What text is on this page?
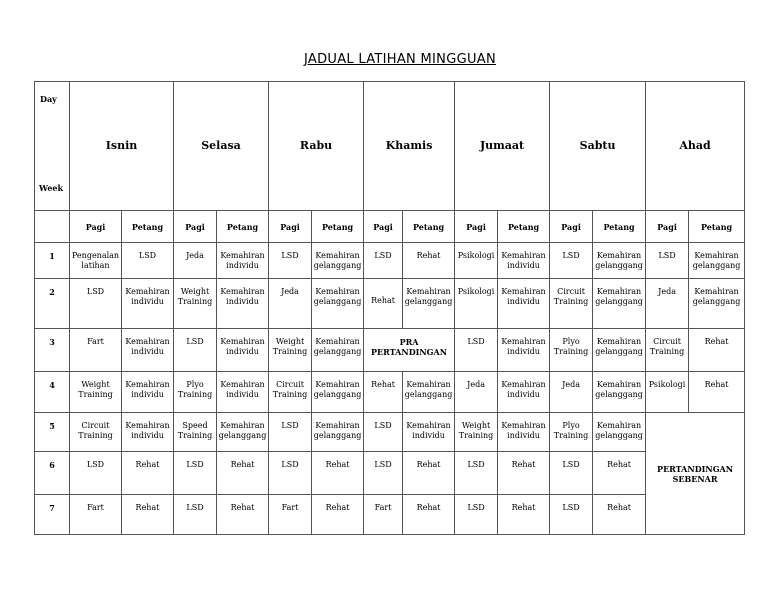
JADUAL LATIHAN MINGGUAN
Day
Week	Isnin		Selasa		Rabu		Khamis		Jumaat		Sabtu		Ahad	
	Pagi	Petang	Pagi	Petang	Pagi	Petang	Pagi	Petang	Pagi	Petang	Pagi	Petang	Pagi	Petang
1	Pengenalan latihan	LSD	Jeda	Kemahiran individu	LSD	Kemahiran gelanggang	LSD	Rehat	Psikologi	Kemahiran individu	LSD	Kemahiran gelanggang	LSD	Kemahiran gelanggang
2	LSD	Kemahiran individu	Weight Training	Kemahiran individu	Jeda	Kemahiran gelanggang	Rehat	Kemahiran gelanggang	Psikologi	Kemahiran individu	Circuit Training	Kemahiran gelanggang	Jeda	Kemahiran gelanggang
3	Fart	Kemahiran individu	LSD	Kemahiran individu	Weight Training	Kemahiran gelanggang	PRA PERTANDINGAN		LSD	Kemahiran individu	Plyo Training	Kemahiran gelanggang	Circuit Training	Rehat
4	Weight Training	Kemahiran individu	Plyo Training	Kemahiran individu	Circuit Training	Kemahiran gelanggang	Rehat	Kemahiran gelanggang	Jeda	Kemahiran individu	Jeda	Kemahiran gelanggang	Psikologi	Rehat
5	Circuit Training	Kemahiran individu	Speed Training	Kemahiran gelanggang	LSD	Kemahiran gelanggang	LSD	Kemahiran individu	Weight Training	Kemahiran individu	Plyo Training	Kemahiran gelanggang	PERTANDINGAN SEBENAR	
6	LSD	Rehat	LSD	Rehat	LSD	Rehat	LSD	Rehat	LSD	Rehat	LSD	Rehat		
7	Fart	Rehat	LSD	Rehat	Fart	Rehat	Fart	Rehat	LSD	Rehat	LSD	Rehat		
